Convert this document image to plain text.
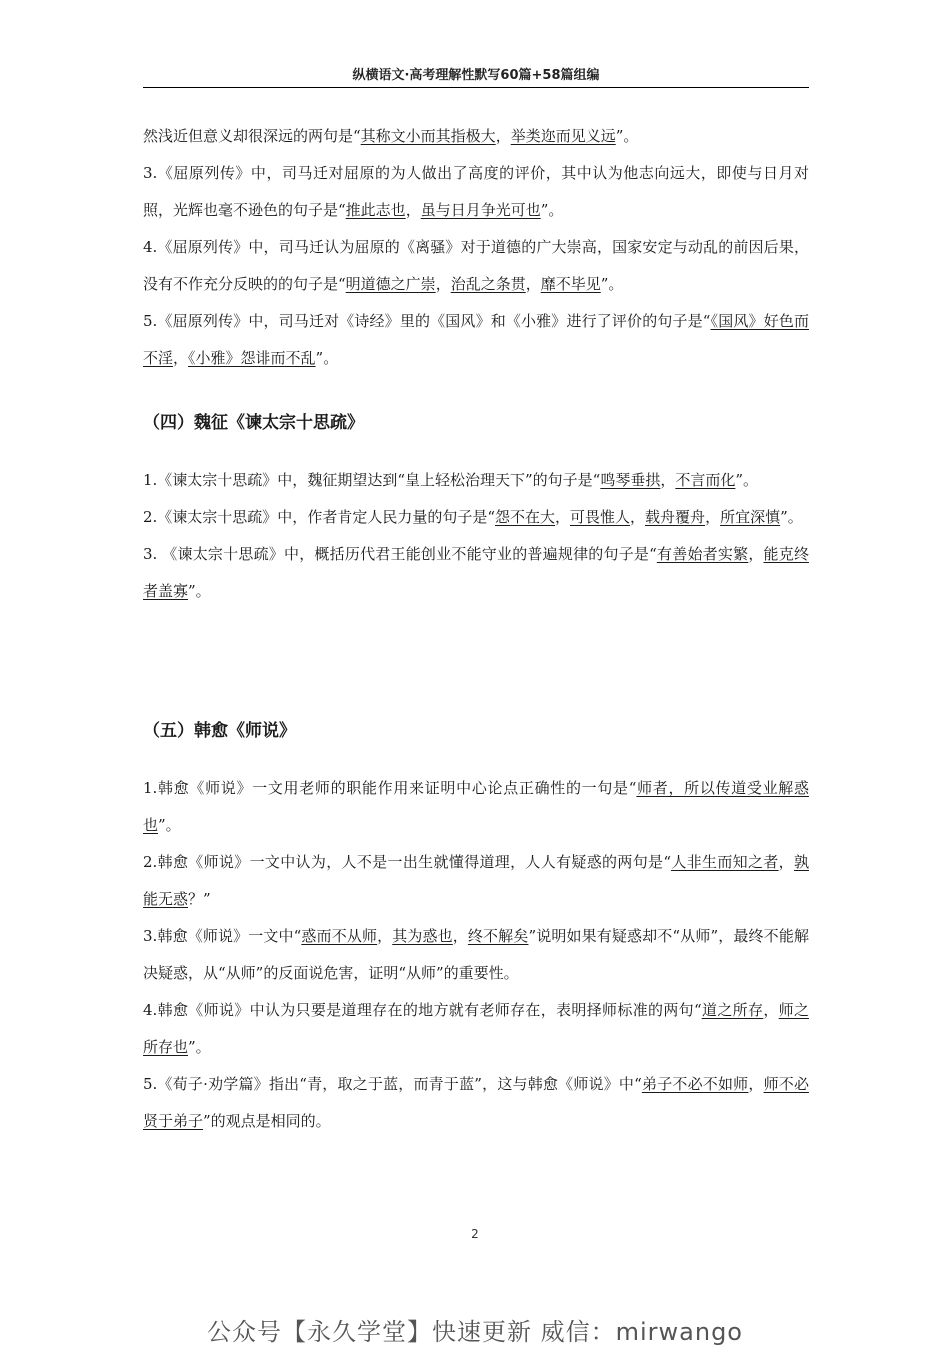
纵横语文·高考理解性默写60篇+58篇组编

然浅近但意义却很深远的两句是“其称文小而其指极大，举类迩而见义远”。

3.《屈原列传》中，司马迁对屈原的为人做出了高度的评价，其中认为他志向远大，即使与日月对照，光辉也毫不逊色的句子是“推此志也，虽与日月争光可也”。

4.《屈原列传》中，司马迁认为屈原的《离骚》对于道德的广大崇高，国家安定与动乱的前因后果，没有不作充分反映的的句子是“明道德之广崇，治乱之条贯，靡不毕见”。

5.《屈原列传》中，司马迁对《诗经》里的《国风》和《小雅》进行了评价的句子是“《国风》好色而不淫，《小雅》怨诽而不乱”。

（四）魏征《谏太宗十思疏》

1.《谏太宗十思疏》中，魏征期望达到“皇上轻松治理天下”的句子是“鸣琴垂拱，不言而化”。

2.《谏太宗十思疏》中，作者肯定人民力量的句子是“怨不在大，可畏惟人，载舟覆舟，所宜深慎”。

3. 《谏太宗十思疏》中，概括历代君王能创业不能守业的普遍规律的句子是“有善始者实繁，能克终者盖寡”。

（五）韩愈《师说》

1.韩愈《师说》一文用老师的职能作用来证明中心论点正确性的一句是“师者，所以传道受业解惑也”。

2.韩愈《师说》一文中认为，人不是一出生就懂得道理，人人有疑惑的两句是“人非生而知之者，孰能无惑？”

3.韩愈《师说》一文中“惑而不从师，其为惑也，终不解矣”说明如果有疑惑却不“从师”，最终不能解决疑惑，从“从师”的反面说危害，证明“从师”的重要性。

4.韩愈《师说》中认为只要是道理存在的地方就有老师存在，表明择师标准的两句“道之所存，师之所存也”。

5.《荀子·劝学篇》指出“青，取之于蓝，而青于蓝”，这与韩愈《师说》中“弟子不必不如师，师不必贤于弟子”的观点是相同的。

2
公众号【永久学堂】快速更新 威信：mirwango
